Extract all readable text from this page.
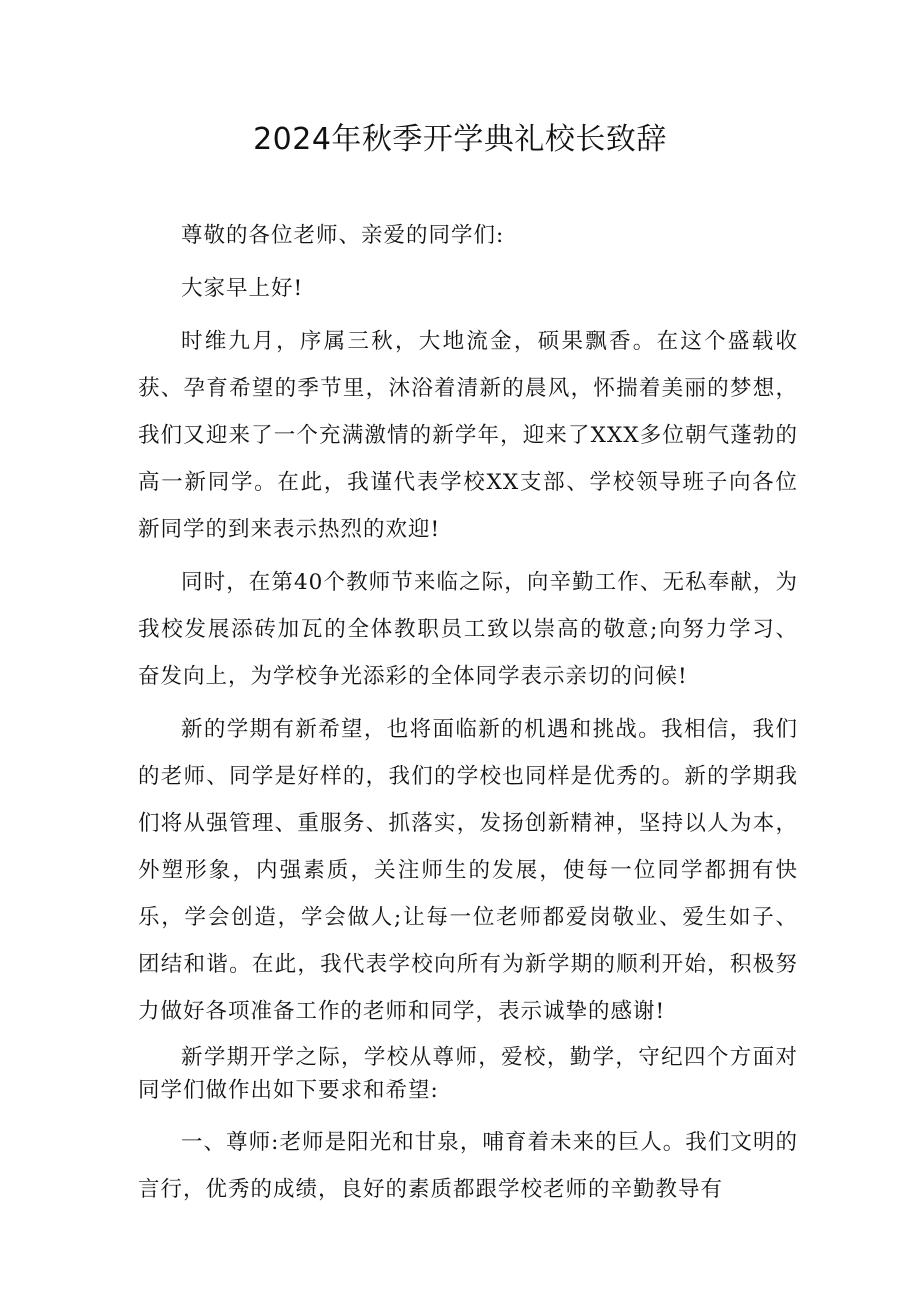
2024年秋季开学典礼校长致辞

尊敬的各位老师、亲爱的同学们:

大家早上好!

时维九月，序属三秋，大地流金，硕果飘香。在这个盛载收获、孕育希望的季节里，沐浴着清新的晨风，怀揣着美丽的梦想，我们又迎来了一个充满激情的新学年，迎来了XXX多位朝气蓬勃的高一新同学。在此，我谨代表学校XX支部、学校领导班子向各位新同学的到来表示热烈的欢迎!

同时，在第40个教师节来临之际，向辛勤工作、无私奉献，为我校发展添砖加瓦的全体教职员工致以崇高的敬意;向努力学习、奋发向上，为学校争光添彩的全体同学表示亲切的问候!

新的学期有新希望，也将面临新的机遇和挑战。我相信，我们的老师、同学是好样的，我们的学校也同样是优秀的。新的学期我们将从强管理、重服务、抓落实，发扬创新精神，坚持以人为本，外塑形象，内强素质，关注师生的发展，使每一位同学都拥有快乐，学会创造，学会做人;让每一位老师都爱岗敬业、爱生如子、团结和谐。在此，我代表学校向所有为新学期的顺利开始，积极努力做好各项准备工作的老师和同学，表示诚挚的感谢!

新学期开学之际，学校从尊师，爱校，勤学，守纪四个方面对同学们做作出如下要求和希望:

一、尊师:老师是阳光和甘泉，哺育着未来的巨人。我们文明的言行，优秀的成绩，良好的素质都跟学校老师的辛勤教导有
